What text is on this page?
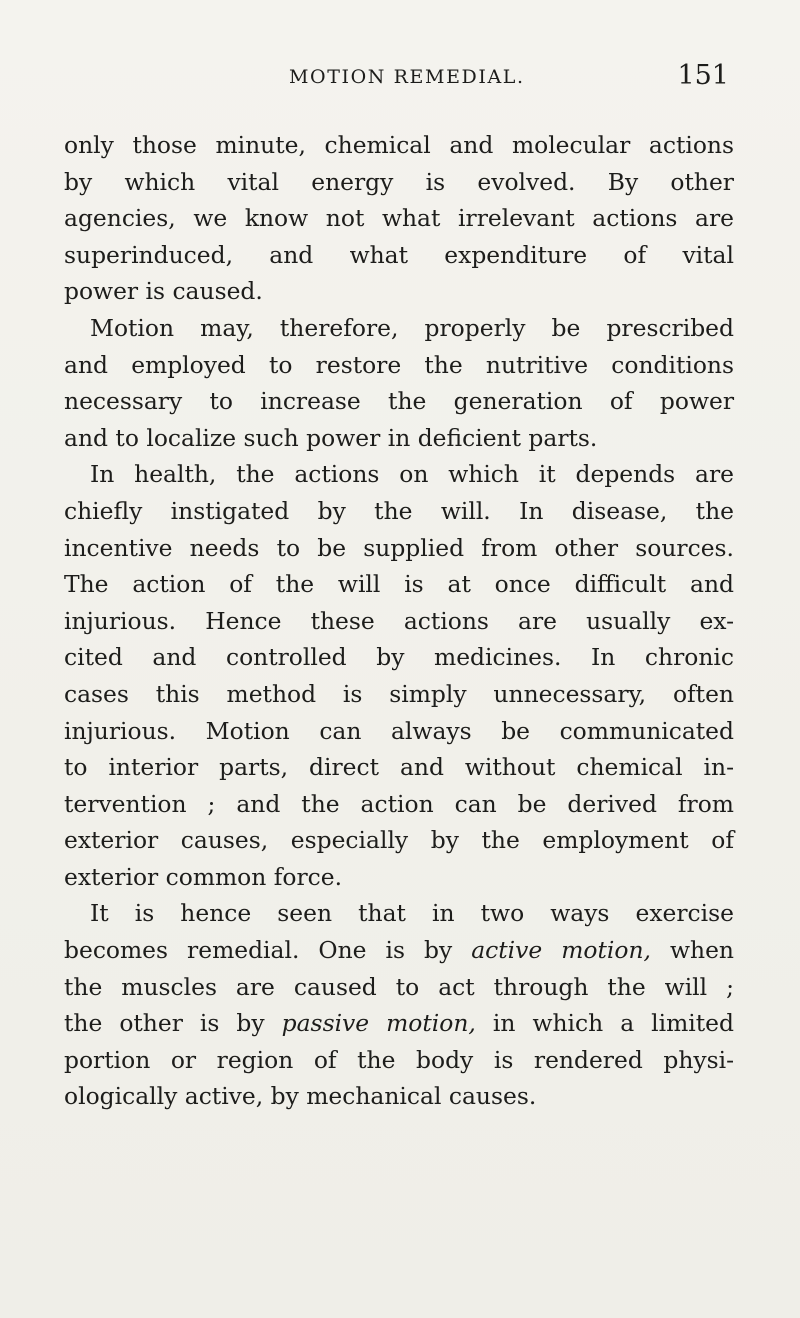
MOTION REMEDIAL.	151
only those minute, chemical and molecular actions
by which vital energy is evolved. By other
agencies, we know not what irrelevant actions are
superinduced, and what expenditure of vital
power is caused.
Motion may, therefore, properly be prescribed
and employed to restore the nutritive conditions
necessary to increase the generation of power
and to localize such power in deficient parts.
In health, the actions on which it depends are
chiefly instigated by the will. In disease, the
incentive needs to be supplied from other sources.
The action of the will is at once difficult and
injurious. Hence these actions are usually ex-
cited and controlled by medicines. In chronic
cases this method is simply unnecessary, often
injurious. Motion can always be communicated
to interior parts, direct and without chemical in-
tervention ; and the action can be derived from
exterior causes, especially by the employment of
exterior common force.
It is hence seen that in two ways exercise
becomes remedial. One is by active motion, when
the muscles are caused to act through the will ;
the other is by passive motion, in which a limited
portion or region of the body is rendered physi-
ologically active, by mechanical causes.
